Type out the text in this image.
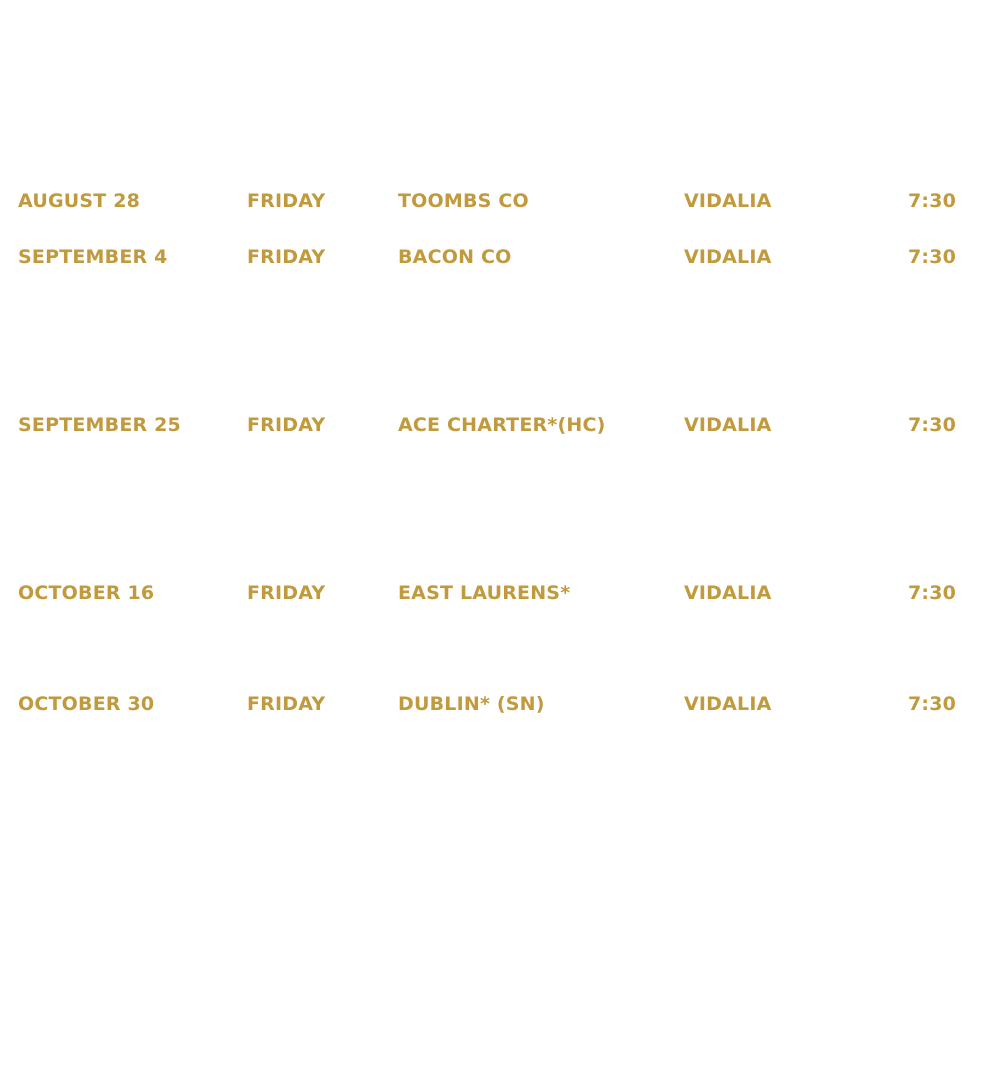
AUGUST 28	FRIDAY	TOOMBS CO	VIDALIA	7:30
SEPTEMBER 4	FRIDAY	BACON CO	VIDALIA	7:30
SEPTEMBER 25	FRIDAY	ACE CHARTER*(HC)	VIDALIA	7:30
OCTOBER 16	FRIDAY	EAST LAURENS*	VIDALIA	7:30
OCTOBER 30	FRIDAY	DUBLIN* (SN)	VIDALIA	7:30
